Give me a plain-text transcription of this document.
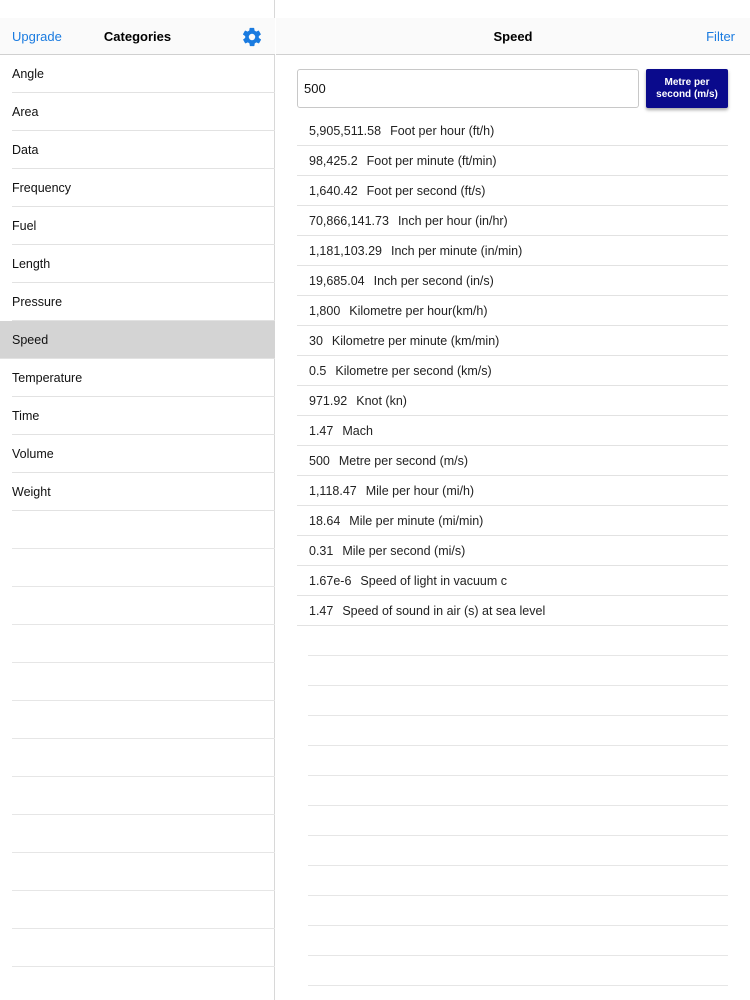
Upgrade	Categories
Angle
Area
Data
Frequency
Fuel
Length
Pressure
Speed
Temperature
Time
Volume
Weight
Speed	Filter
500
Metre per second (m/s)
5,905,511.58 Foot per hour (ft/h)
98,425.2 Foot per minute (ft/min)
1,640.42 Foot per second (ft/s)
70,866,141.73 Inch per hour (in/hr)
1,181,103.29 Inch per minute (in/min)
19,685.04 Inch per second (in/s)
1,800 Kilometre per hour(km/h)
30 Kilometre per minute (km/min)
0.5 Kilometre per second (km/s)
971.92 Knot (kn)
1.47 Mach
500 Metre per second (m/s)
1,118.47 Mile per hour (mi/h)
18.64 Mile per minute (mi/min)
0.31 Mile per second (mi/s)
1.67e-6 Speed of light in vacuum c
1.47 Speed of sound in air (s) at sea level
